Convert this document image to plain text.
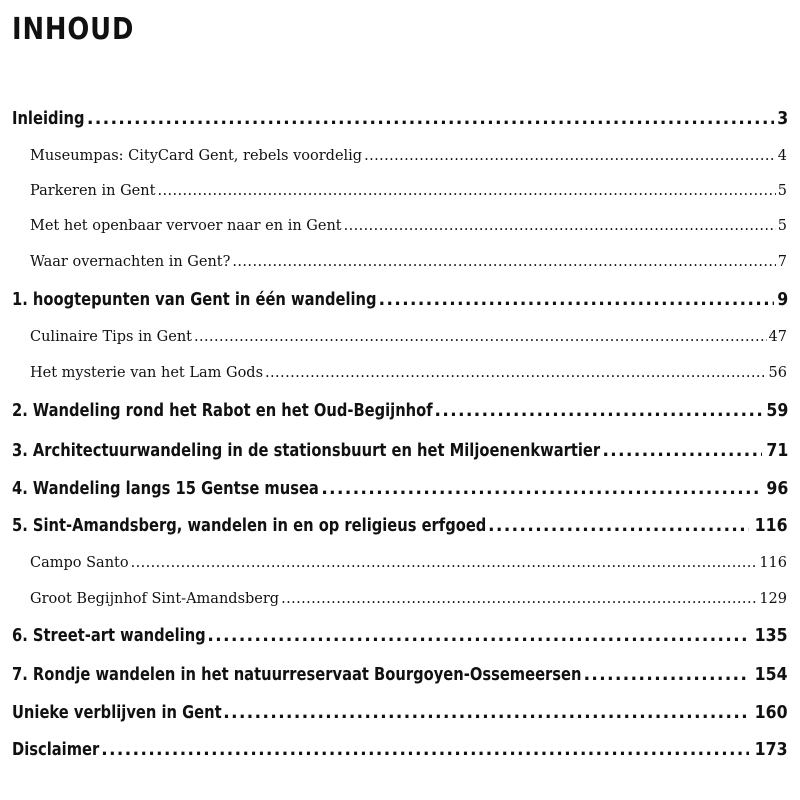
INHOUD
Inleiding .....	3
Museumpas: CityCard Gent, rebels voordelig .....	4
Parkeren in Gent .....	5
Met het openbaar vervoer naar en in Gent .....	5
Waar overnachten in Gent? .....	7
1. hoogtepunten van Gent in één wandeling .....	9
Culinaire Tips in Gent .....	47
Het mysterie van het Lam Gods .....	56
2. Wandeling rond het Rabot en het Oud-Begijnhof .....	59
3. Architectuurwandeling in de stationsbuurt en het Miljoenenkwartier .....	71
4. Wandeling langs 15 Gentse musea .....	96
5. Sint-Amandsberg, wandelen in en op religieus erfgoed .....	116
Campo Santo .....	116
Groot Begijnhof Sint-Amandsberg .....	129
6. Street-art wandeling .....	135
7. Rondje wandelen in het natuurreservaat Bourgoyen-Ossemeersen .....	154
Unieke verblijven in Gent .....	160
Disclaimer .....	173
